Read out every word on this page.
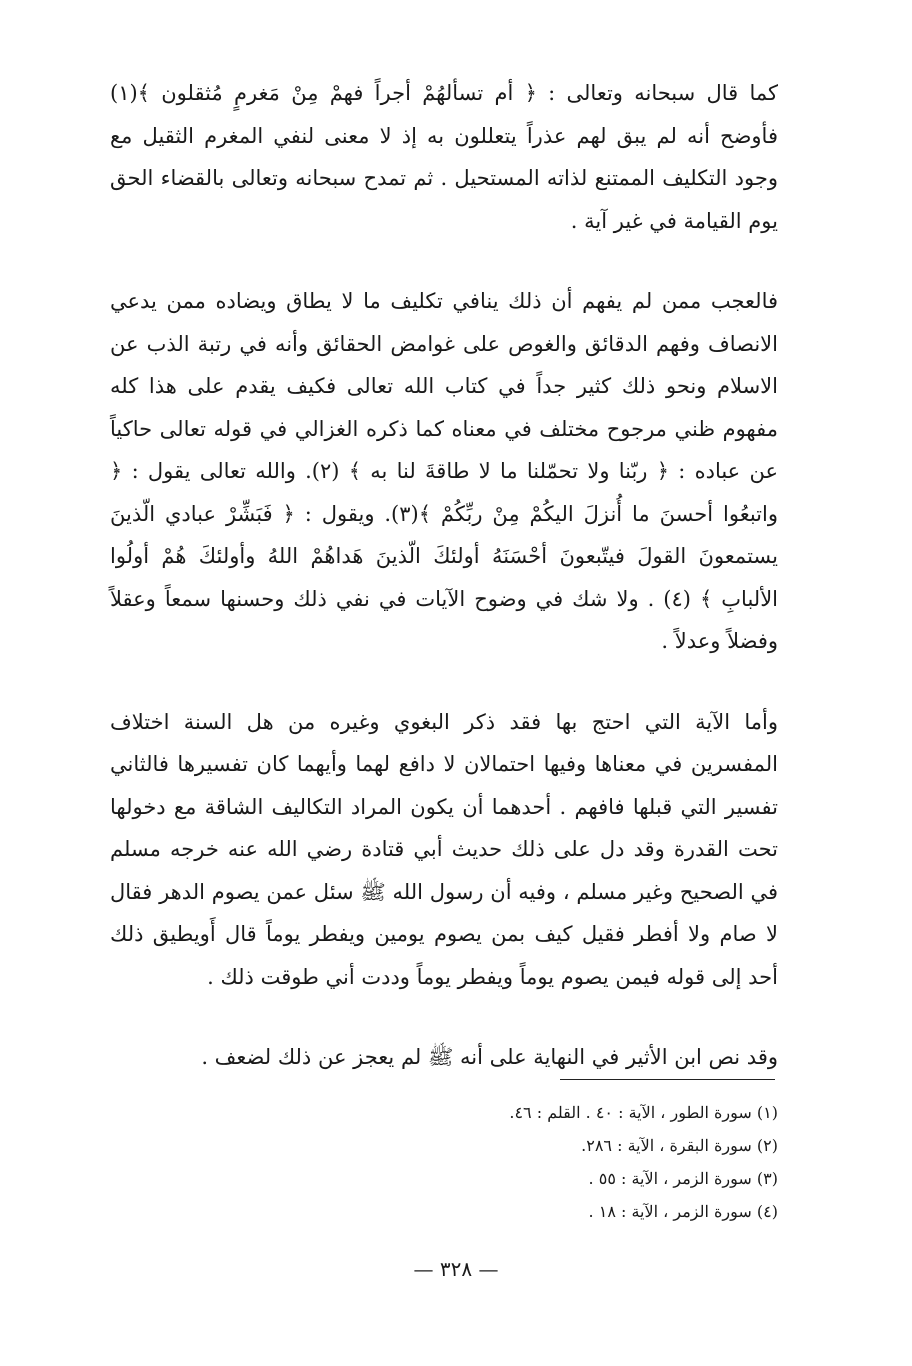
كما قال سبحانه وتعالى : ﴿ أم تسألهُمْ أجراً فهمْ مِنْ مَغرمٍ مُثقلون ﴾(١) فأوضح أنه لم يبق لهم عذراً يتعللون به إذ لا معنى لنفي المغرم الثقيل مع وجود التكليف الممتنع لذاته المستحيل . ثم تمدح سبحانه وتعالى بالقضاء الحق يوم القيامة في غير آية .

فالعجب ممن لم يفهم أن ذلك ينافي تكليف ما لا يطاق ويضاده ممن يدعي الانصاف وفهم الدقائق والغوص على غوامض الحقائق وأنه في رتبة الذب عن الاسلام ونحو ذلك كثير جداً في كتاب الله تعالى فكيف يقدم على هذا كله مفهوم ظني مرجوح مختلف في معناه كما ذكره الغزالي في قوله تعالى حاكياً عن عباده : ﴿ ربّنا ولا تحمّلنا ما لا طاقةَ لنا به ﴾ (٢). والله تعالى يقول : ﴿ واتبعُوا أحسنَ ما أُنزلَ اليكُمْ مِنْ ربِّكُمْ ﴾(٣). ويقول : ﴿ فَبَشِّرْ عبادي الّذينَ يستمعونَ القولَ فيتّبعونَ أحْسَنَهُ أولئكَ الّذينَ هَداهُمْ اللهُ وأولئكَ هُمْ أولُوا الألبابِ ﴾ (٤) . ولا شك في وضوح الآيات في نفي ذلك وحسنها سمعاً وعقلاً وفضلاً وعدلاً .

وأما الآية التي احتج بها فقد ذكر البغوي وغيره من هل السنة اختلاف المفسرين في معناها وفيها احتمالان لا دافع لهما وأيهما كان تفسيرها فالثاني تفسير التي قبلها فافهم . أحدهما أن يكون المراد التكاليف الشاقة مع دخولها تحت القدرة وقد دل على ذلك حديث أبي قتادة رضي الله عنه خرجه مسلم في الصحيح وغير مسلم ، وفيه أن رسول الله ﷺ سئل عمن يصوم الدهر فقال لا صام ولا أفطر فقيل كيف بمن يصوم يومين ويفطر يوماً قال أَويطيق ذلك أحد إلى قوله فيمن يصوم يوماً ويفطر يوماً وددت أني طوقت ذلك .

وقد نص ابن الأثير في النهاية على أنه ﷺ لم يعجز عن ذلك لضعف .

(١) سورة الطور ، الآية : ٤٠ . القلم : ٤٦.

(٢) سورة البقرة ، الآية : ٢٨٦.

(٣) سورة الزمر ، الآية : ٥٥ .

(٤) سورة الزمر ، الآية : ١٨ .

— ٣٢٨ —
